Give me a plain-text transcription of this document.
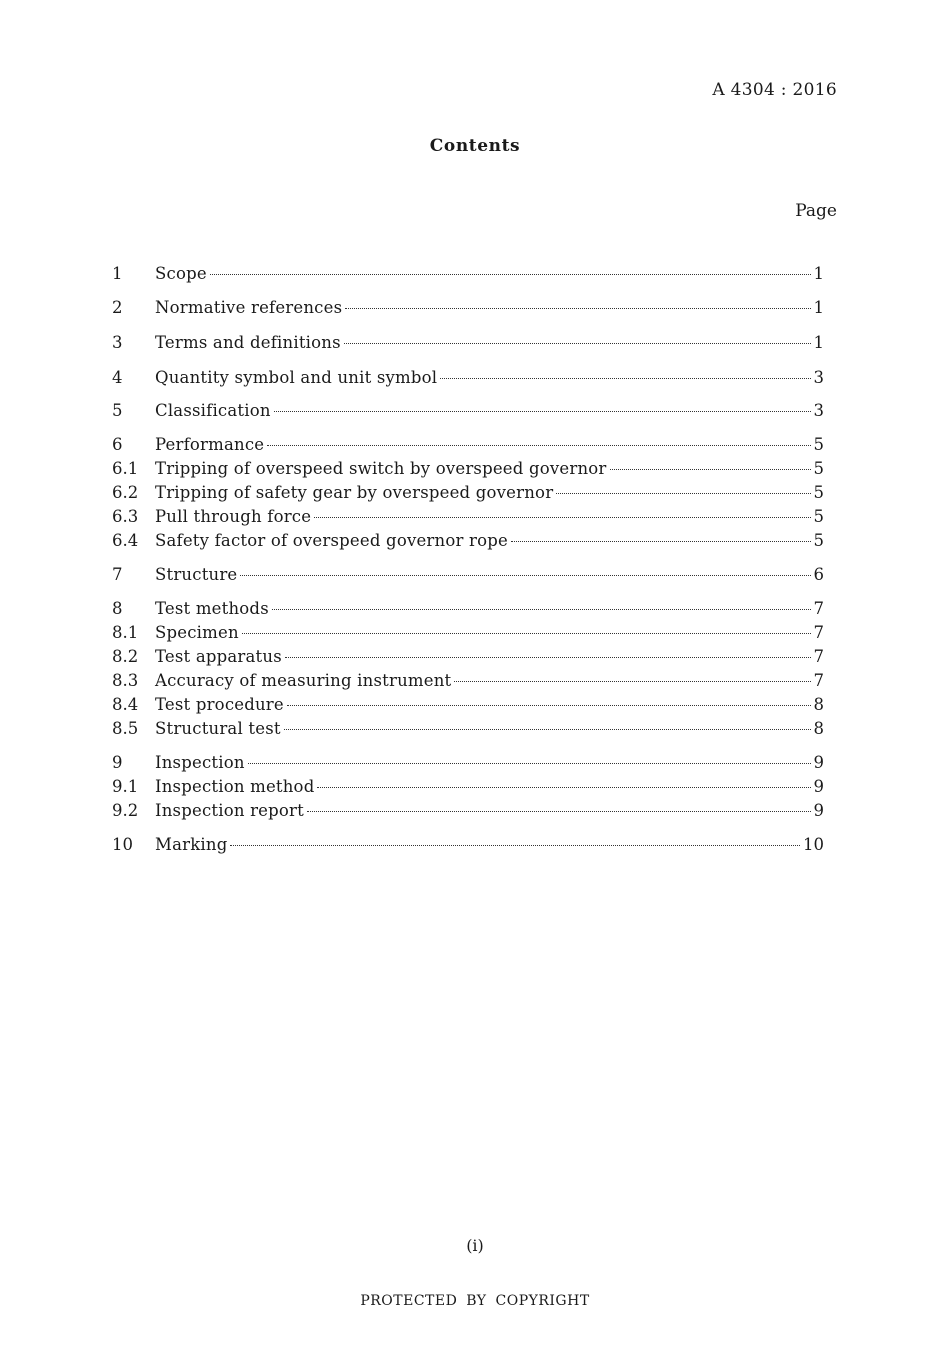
A 4304 : 2016
Contents
Page
1	Scope	1
2	Normative references	1
3	Terms and definitions	1
4	Quantity symbol and unit symbol	3
5	Classification	3
6	Performance	5
6.1	Tripping of overspeed switch by overspeed governor	5
6.2	Tripping of safety gear by overspeed governor	5
6.3	Pull through force	5
6.4	Safety factor of overspeed governor rope	5
7	Structure	6
8	Test methods	7
8.1	Specimen	7
8.2	Test apparatus	7
8.3	Accuracy of measuring instrument	7
8.4	Test procedure	8
8.5	Structural test	8
9	Inspection	9
9.1	Inspection method	9
9.2	Inspection report	9
10	Marking	10
(i)
PROTECTED BY COPYRIGHT
